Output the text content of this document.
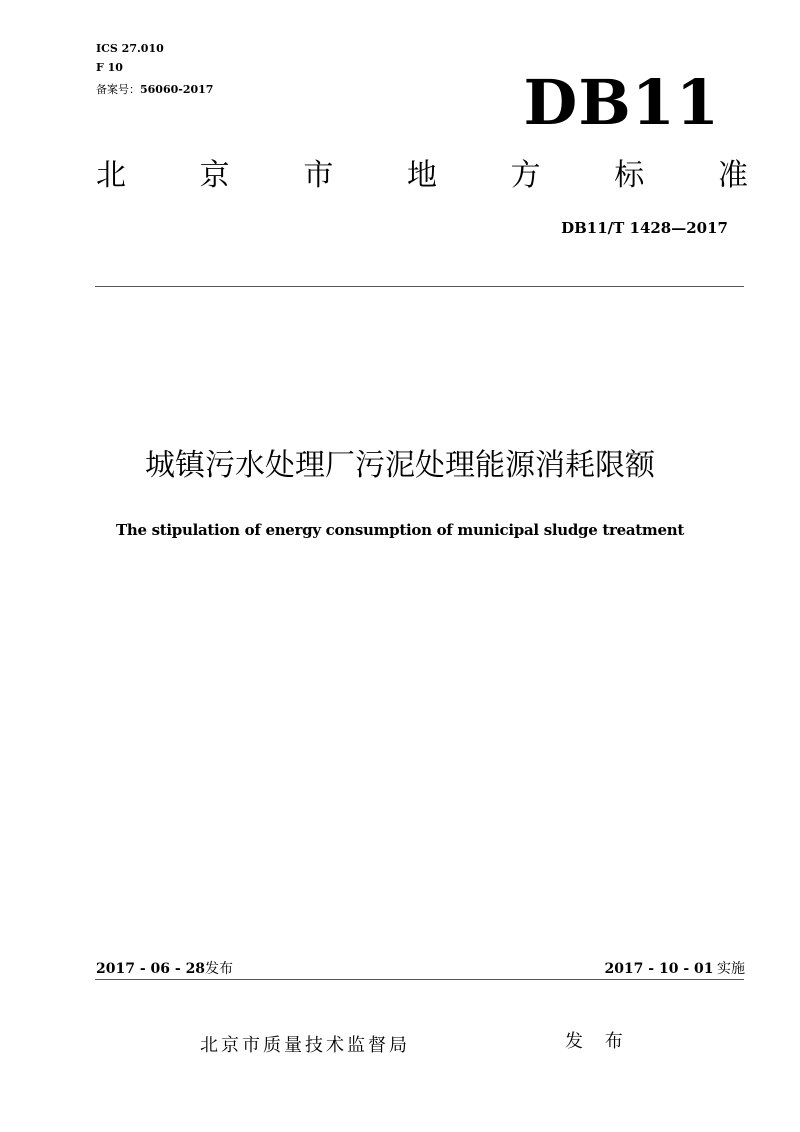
ICS 27.010
F 10
备案号：56060-2017	DB11
北 京 市 地 方 标 准
DB11/T 1428—2017
城镇污水处理厂污泥处理能源消耗限额
The stipulation of energy consumption of municipal sludge treatment
2017 - 06 - 28发布	2017 - 10 - 01 实施
北京市质量技术监督局	发 布
